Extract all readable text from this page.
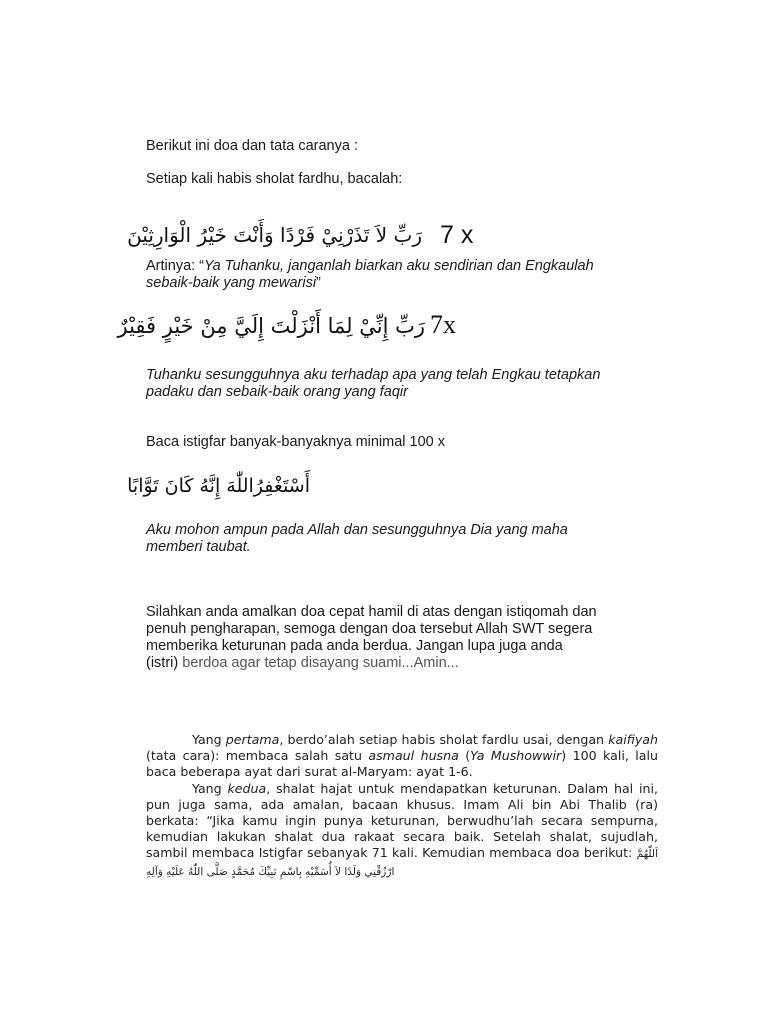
Berikut ini doa dan tata caranya :
Setiap kali habis sholat fardhu, bacalah:
رَبِّ لاَ تَذَرْنِيْ فَرْدًا وَأَنْتَ خَيْرُ الْوَارِثِيْنَ 7 x
Artinya: “Ya Tuhanku, janganlah biarkan aku sendirian dan Engkaulah
sebaik-baik yang mewarisi”
رَبِّ إِنِّيْ لِمَا أَنْزَلْتَ إِلَيَّ مِنْ خَيْرٍ فَقِيْرٌ 7x
Tuhanku sesungguhnya aku terhadap apa yang telah Engkau tetapkan
padaku dan sebaik-baik orang yang faqir
Baca istigfar banyak-banyaknya minimal 100 x
أَسْتَغْفِرُاللّٰهَ إِنَّهُ كَانَ تَوَّابًا
Aku mohon ampun pada Allah dan sesungguhnya Dia yang maha
memberi taubat.
Silahkan anda amalkan doa cepat hamil di atas dengan istiqomah dan
penuh pengharapan, semoga dengan doa tersebut Allah SWT segera
memberika keturunan pada anda berdua. Jangan lupa juga anda
(istri) berdoa agar tetap disayang suami...Amin...

Yang pertama, berdo’alah setiap habis sholat fardlu usai, dengan kaifiyah (tata cara): membaca salah satu asmaul husna (Ya Mushowwir) 100 kali, lalu baca beberapa ayat dari surat al-Maryam: ayat 1-6.

Yang kedua, shalat hajat untuk mendapatkan keturunan. Dalam hal ini, pun juga sama, ada amalan, bacaan khusus. Imam Ali bin Abi Thalib (ra) berkata: “Jika kamu ingin punya keturunan, berwudhu’lah secara sempurna, kemudian lakukan shalat dua rakaat secara baik. Setelah shalat, sujudlah, sambil membaca Istigfar sebanyak 71 kali. Kemudian membaca doa berikut: اَللّٰهُمَّ ارْزُقْنِي وَلَدًا لاَ أُسَمِّيْهِ بِاسْمِ نَبِيِّكَ مُحَمَّدٍ صَلَّى اللّٰهُ عَلَيْهِ وَآلِهِ
